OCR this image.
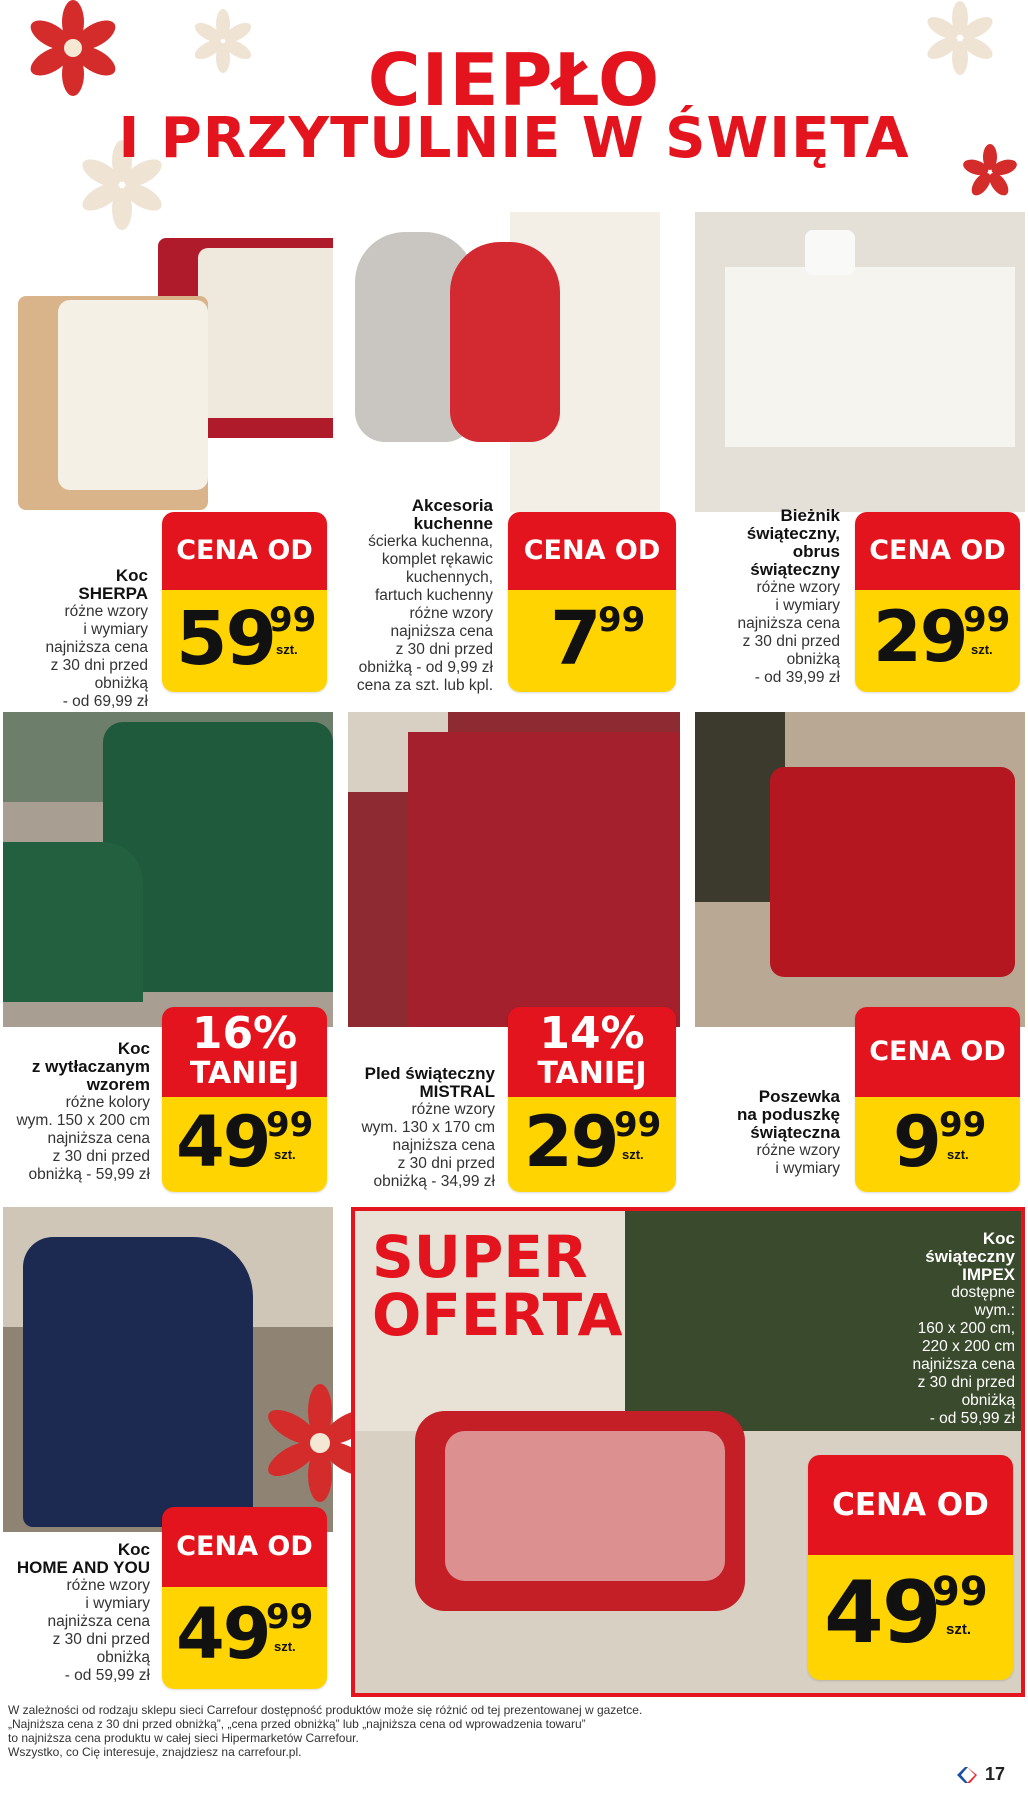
CIEPŁO
I PRZYTULNIE W ŚWIĘTA
Koc
SHERPA
różne wzory
i wymiary
najniższa cena
z 30 dni przed
obniżką
- od 69,99 zł
CENA OD
59
99
szt.
Akcesoria
kuchenne
ścierka kuchenna,
komplet rękawic
kuchennych,
fartuch kuchenny
różne wzory
najniższa cena
z 30 dni przed
obniżką - od 9,99 zł
cena za szt. lub kpl.
CENA OD
7
99
Bieżnik
świąteczny,
obrus
świąteczny
różne wzory
i wymiary
najniższa cena
z 30 dni przed
obniżką
- od 39,99 zł
CENA OD
29
99
szt.
Koc
z wytłaczanym
wzorem
różne kolory
wym. 150 x 200 cm
najniższa cena
z 30 dni przed
obniżką - 59,99 zł
16%
TANIEJ
49
99
szt.
Pled świąteczny
MISTRAL
różne wzory
wym. 130 x 170 cm
najniższa cena
z 30 dni przed
obniżką - 34,99 zł
14%
TANIEJ
29
99
szt.
Poszewka
na poduszkę
świąteczna
różne wzory
i wymiary
CENA OD
9 99
szt.
SUPER
OFERTA
Koc
HOME AND YOU
różne wzory
i wymiary
najniższa cena
z 30 dni przed
obniżką
- od 59,99 zł
CENA OD
49
99
szt.
Koc
świąteczny
IMPEX
dostępne
wym.:
160 x 200 cm,
220 x 200 cm
najniższa cena
z 30 dni przed
obniżką
- od 59,99 zł
CENA OD
49
99
szt.
W zależności od rodzaju sklepu sieci Carrefour dostępność produktów może się różnić od tej prezentowanej w gazetce.
„Najniższa cena z 30 dni przed obniżką”, „cena przed obniżką” lub „najniższa cena od wprowadzenia towaru”
to najniższa cena produktu w całej sieci Hipermarketów Carrefour.
Wszystko, co Cię interesuje, znajdziesz na carrefour.pl.
17
